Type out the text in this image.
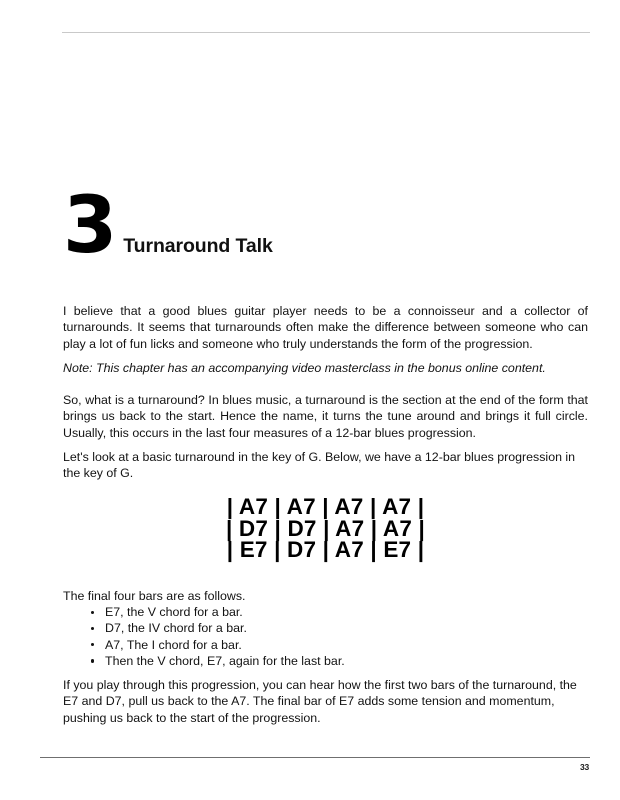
3 Turnaround Talk
I believe that a good blues guitar player needs to be a connoisseur and a collector of turnarounds. It seems that turnarounds often make the difference between someone who can play a lot of fun licks and someone who truly understands the form of the progression.
Note: This chapter has an accompanying video masterclass in the bonus online content.
So, what is a turnaround? In blues music, a turnaround is the section at the end of the form that brings us back to the start. Hence the name, it turns the tune around and brings it full circle. Usually, this occurs in the last four measures of a 12-bar blues progression.
Let's look at a basic turnaround in the key of G. Below, we have a 12-bar blues progression in the key of G.
| A7 | A7 | A7 | A7 |
| D7 | D7 | A7 | A7 |
| E7 | D7 | A7 | E7 |
The final four bars are as follows.
E7, the V chord for a bar.
D7, the IV chord for a bar.
A7, The I chord for a bar.
Then the V chord, E7, again for the last bar.
If you play through this progression, you can hear how the first two bars of the turnaround, the E7 and D7, pull us back to the A7. The final bar of E7 adds some tension and momentum, pushing us back to the start of the progression.
33
